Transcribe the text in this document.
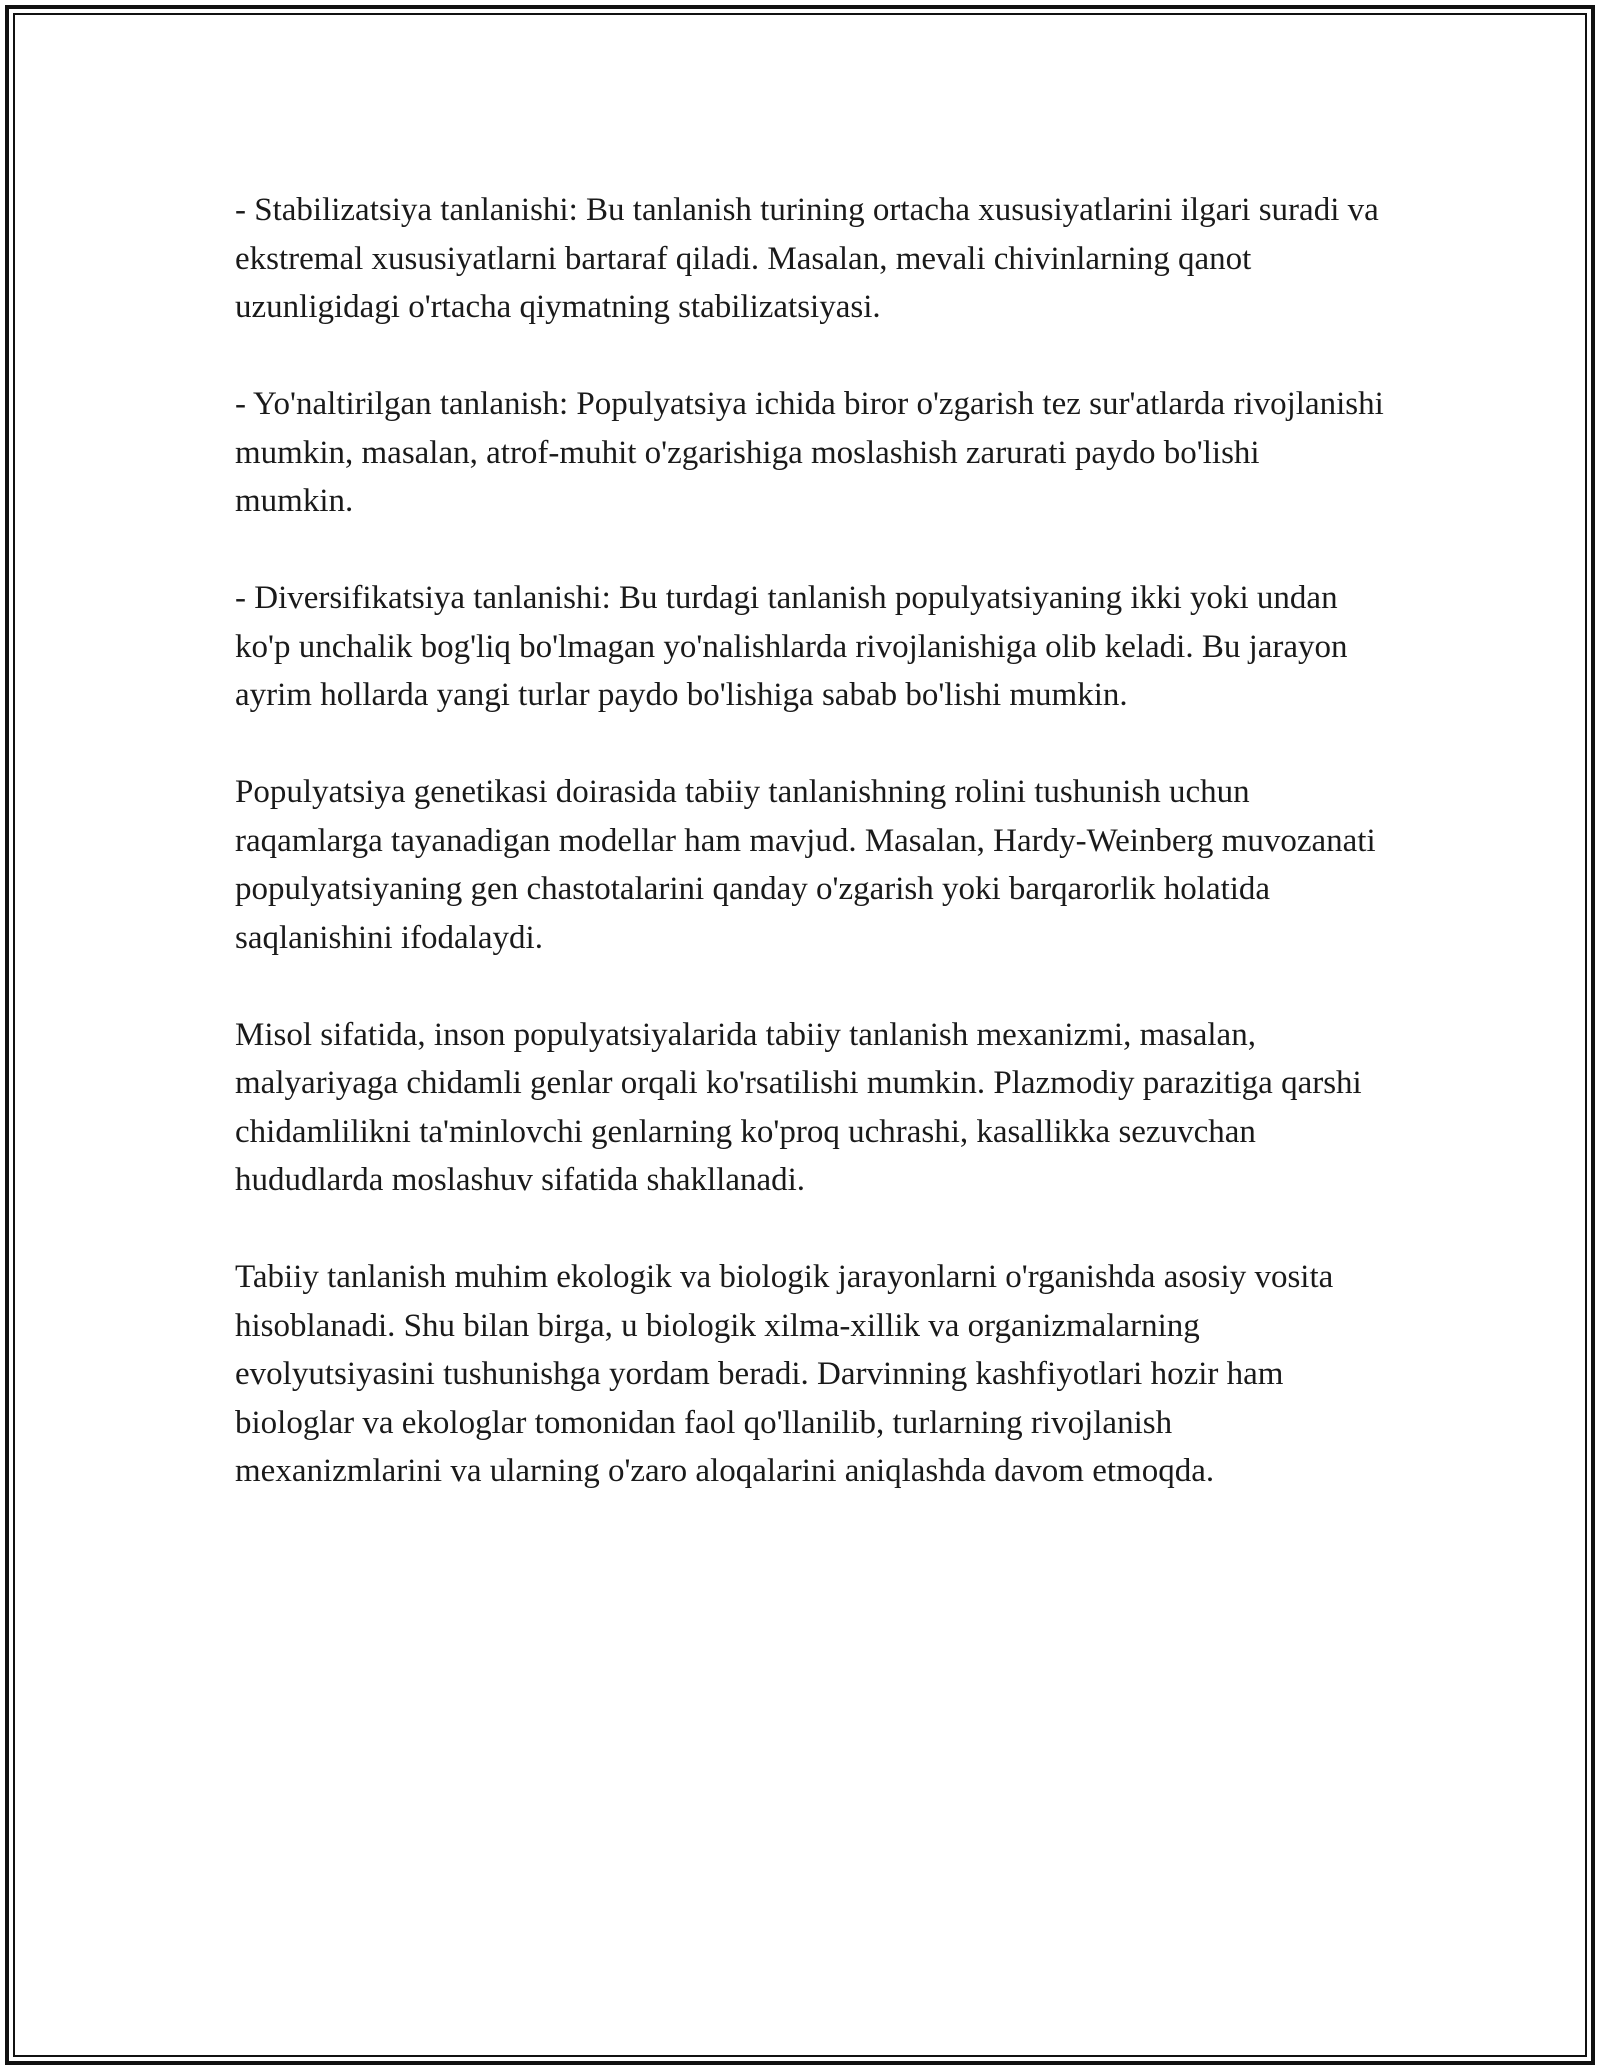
- Stabilizatsiya tanlanishi: Bu tanlanish turining ortacha xususiyatlarini ilgari suradi va ekstremal xususiyatlarni bartaraf qiladi. Masalan, mevali chivinlarning qanot uzunligidagi o'rtacha qiymatning stabilizatsiyasi.

- Yo'naltirilgan tanlanish: Populyatsiya ichida biror o'zgarish tez sur'atlarda rivojlanishi mumkin, masalan, atrof-muhit o'zgarishiga moslashish zarurati paydo bo'lishi mumkin.

- Diversifikatsiya tanlanishi: Bu turdagi tanlanish populyatsiyaning ikki yoki undan ko'p unchalik bog'liq bo'lmagan yo'nalishlarda rivojlanishiga olib keladi. Bu jarayon ayrim hollarda yangi turlar paydo bo'lishiga sabab bo'lishi mumkin.

Populyatsiya genetikasi doirasida tabiiy tanlanishning rolini tushunish uchun raqamlarga tayanadigan modellar ham mavjud. Masalan, Hardy-Weinberg muvozanati populyatsiyaning gen chastotalarini qanday o'zgarish yoki barqarorlik holatida saqlanishini ifodalaydi.

Misol sifatida, inson populyatsiyalarida tabiiy tanlanish mexanizmi, masalan, malyariyaga chidamli genlar orqali ko'rsatilishi mumkin. Plazmodiy parazitiga qarshi chidamlilikni ta'minlovchi genlarning ko'proq uchrashi, kasallikka sezuvchan hududlarda moslashuv sifatida shakllanadi.

Tabiiy tanlanish muhim ekologik va biologik jarayonlarni o'rganishda asosiy vosita hisoblanadi. Shu bilan birga, u biologik xilma-xillik va organizmalarning evolyutsiyasini tushunishga yordam beradi. Darvinning kashfiyotlari hozir ham biologlar va ekologlar tomonidan faol qo'llanilib, turlarning rivojlanish mexanizmlarini va ularning o'zaro aloqalarini aniqlashda davom etmoqda.
